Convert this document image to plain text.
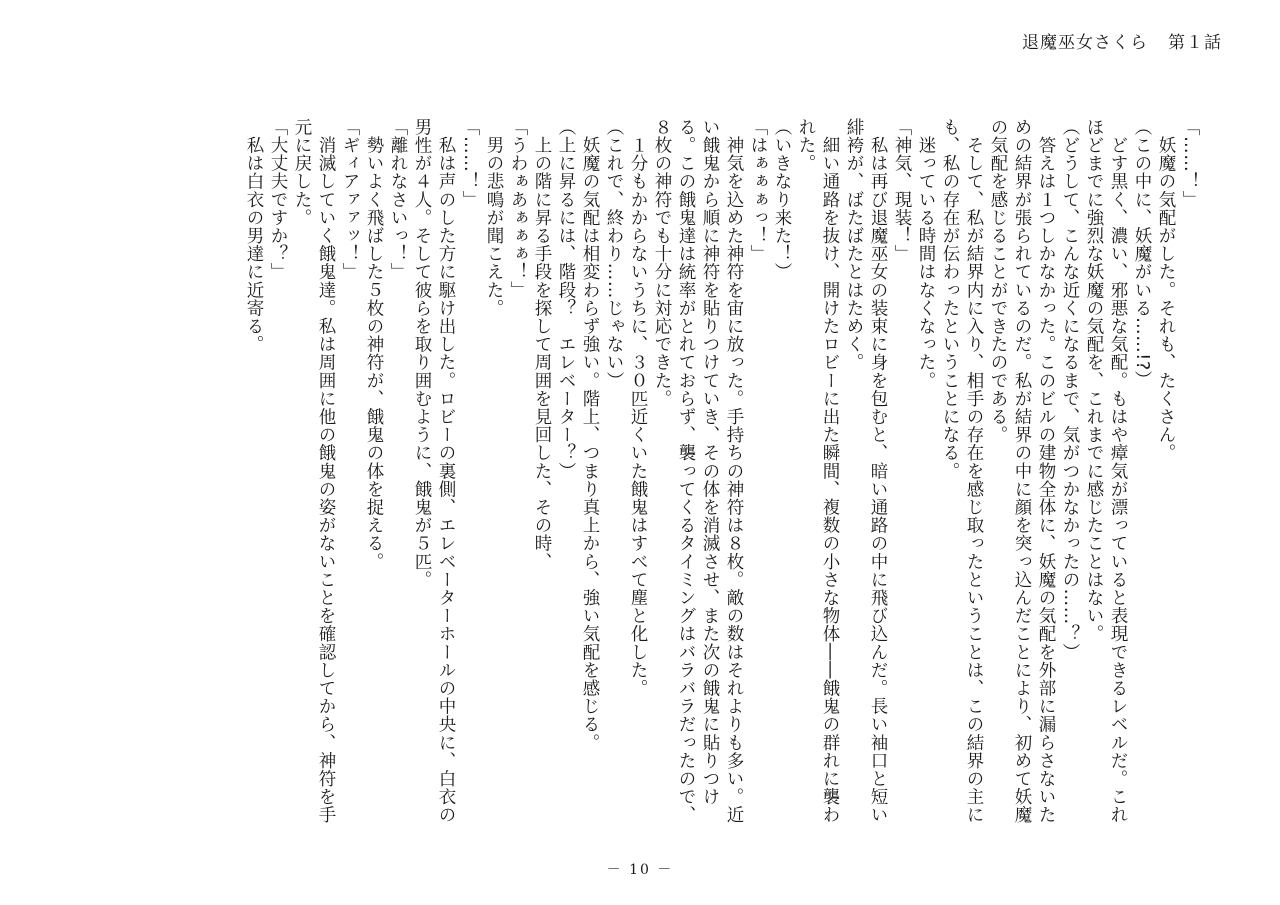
退魔巫女さくら 第１話

「……！」

　妖魔の気配がした。それも、たくさん。

（この中に、妖魔がいる……!?）

　どす黒く、濃い、邪悪な気配。もはや瘴気が漂っていると表現できるレベルだ。これほどまでに強烈な妖魔の気配を、これまでに感じたことはない。

（どうして、こんな近くになるまで、気がつかなかったの……？）

　答えは１つしかなかった。このビルの建物全体に、妖魔の気配を外部に漏らさないための結界が張られているのだ。私が結界の中に顔を突っ込んだことにより、初めて妖魔の気配を感じることができたのである。

　そして、私が結界内に入り、相手の存在を感じ取ったということは、この結界の主にも、私の存在が伝わったということになる。

　迷っている時間はなくなった。

「神気、現装！」

　私は再び退魔巫女の装束に身を包むと、暗い通路の中に飛び込んだ。長い袖口と短い緋袴が、ばたばたとはためく。

　細い通路を抜け、開けたロビーに出た瞬間、複数の小さな物体――餓鬼の群れに襲われた。

（いきなり来た！）

「はぁぁぁっ！」

　神気を込めた神符を宙に放った。手持ちの神符は８枚。敵の数はそれよりも多い。近い餓鬼から順に神符を貼りつけていき、その体を消滅させ、また次の餓鬼に貼りつける。この餓鬼達は統率がとれておらず、襲ってくるタイミングはバラバラだったので、８枚の神符でも十分に対応できた。

　１分もかからないうちに、３０匹近くいた餓鬼はすべて塵と化した。

（これで、終わり……じゃない）

　妖魔の気配は相変わらず強い。階上、つまり真上から、強い気配を感じる。

（上に昇るには、階段？　エレベーター？）

　上の階に昇る手段を探して周囲を見回した、その時、

「うわぁあぁぁぁ！」

　男の悲鳴が聞こえた。

「……！」

　私は声のした方に駆け出した。ロビーの裏側、エレベーターホールの中央に、白衣の男性が４人。そして彼らを取り囲むように、餓鬼が５匹。

「離れなさいっ！」

　勢いよく飛ばした５枚の神符が、餓鬼の体を捉える。

「ギィアァァッ！」

　消滅していく餓鬼達。私は周囲に他の餓鬼の姿がないことを確認してから、神符を手元に戻した。

「大丈夫ですか？」

　私は白衣の男達に近寄る。

－ 10 －
